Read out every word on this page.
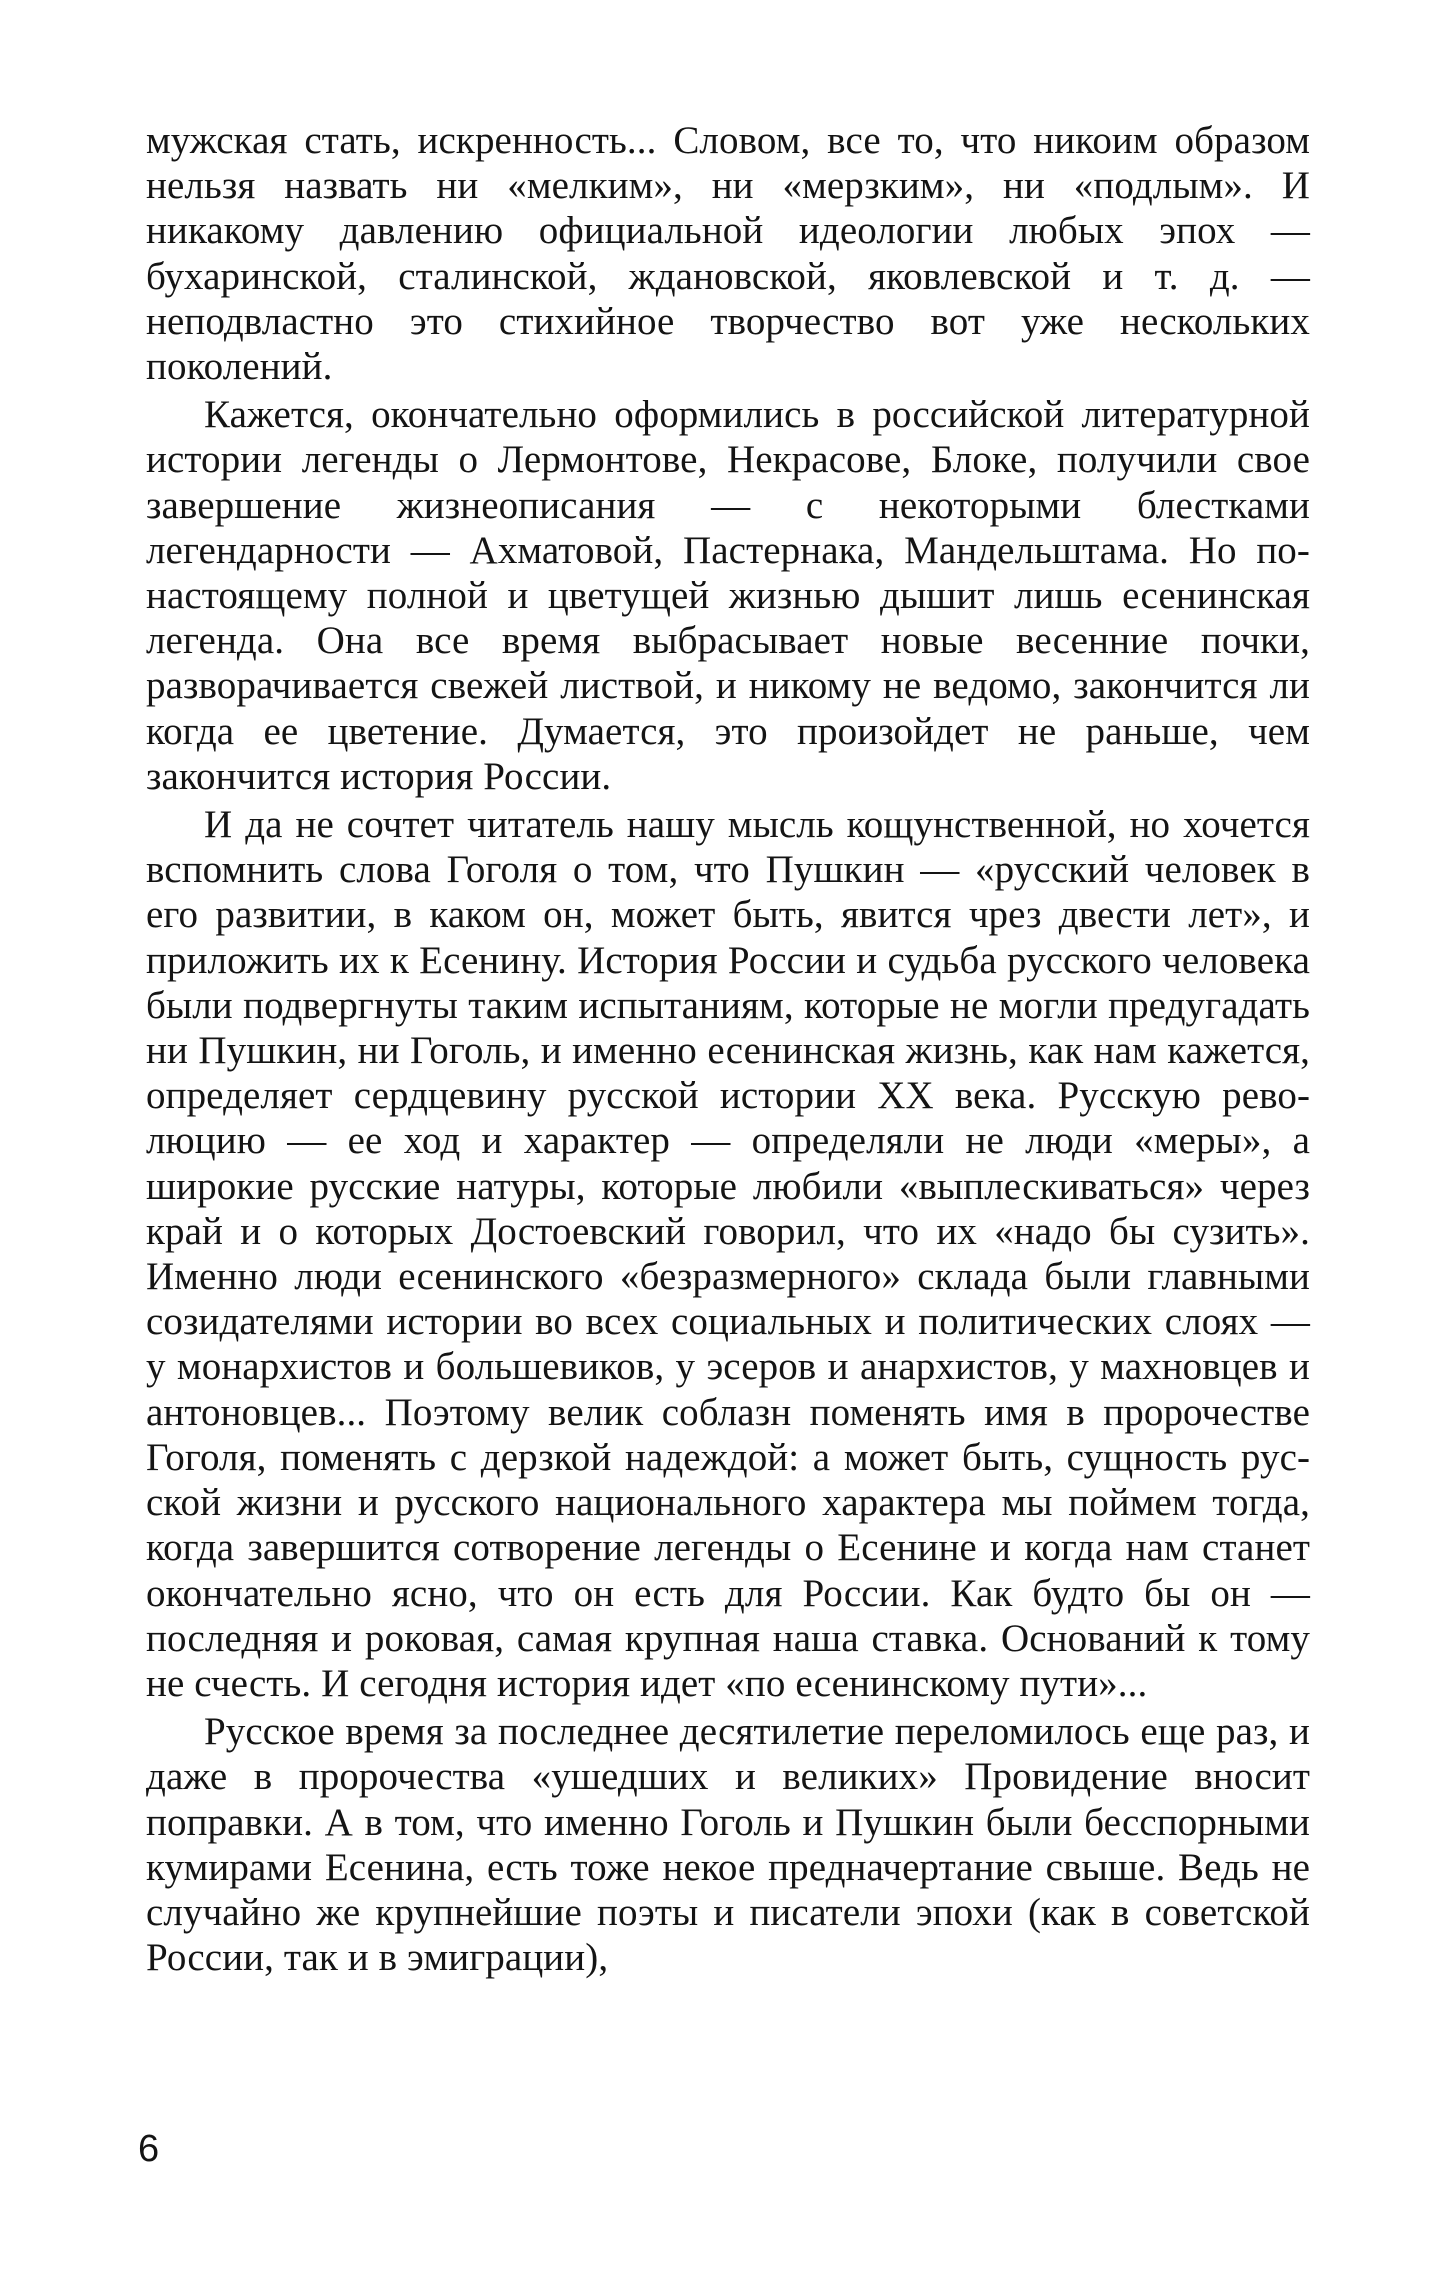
мужская стать, искренность... Словом, все то, что никоим образом нельзя назвать ни «мелким», ни «мерзким», ни «подлым». И никакому давлению официальной идеологии любых эпох — бухаринской, сталинской, ждановской, яковлевской и т. д. — неподвластно это стихийное творчество вот уже нескольких поколений.

Кажется, окончательно оформились в российской литературной истории легенды о Лермонтове, Некрасове, Блоке, получили свое завершение жизнеописания — с некоторыми блестками легендарности — Ахматовой, Пастернака, Мандельштама. Но по-настоящему полной и цветущей жизнью дышит лишь есенинская легенда. Она все время выбрасывает новые весенние почки, разворачивается свежей листвой, и никому не ведомо, закончится ли когда ее цветение. Думается, это произойдет не раньше, чем закончится история России.

И да не сочтет читатель нашу мысль кощунственной, но хочется вспомнить слова Гоголя о том, что Пушкин — «русский человек в его развитии, в каком он, может быть, явится чрез двести лет», и приложить их к Есенину. История России и судьба русского человека были подвергнуты таким испытаниям, которые не могли предугадать ни Пушкин, ни Гоголь, и именно есенинская жизнь, как нам кажется, определяет сердцевину русской истории XX века. Русскую революцию — ее ход и характер — определяли не люди «меры», а широкие русские натуры, которые любили «выплескиваться» через край и о которых Достоевский говорил, что их «надо бы сузить». Именно люди есенинского «безразмерного» склада были главными созидателями истории во всех социальных и политических слоях — у монархистов и большевиков, у эсеров и анархистов, у махновцев и антоновцев... Поэтому велик соблазн поменять имя в пророчестве Гоголя, поменять с дерзкой надеждой: а может быть, сущность русской жизни и русского национального характера мы поймем тогда, когда завершится сотворение легенды о Есенине и когда нам станет окончательно ясно, что он есть для России. Как будто бы он — последняя и роковая, самая крупная наша ставка. Оснований к тому не счесть. И сегодня история идет «по есенинскому пути»...

Русское время за последнее десятилетие переломилось еще раз, и даже в пророчества «ушедших и великих» Провидение вносит поправки. А в том, что именно Гоголь и Пушкин были бесспорными кумирами Есенина, есть тоже некое предначертание свыше. Ведь не случайно же крупнейшие поэты и писатели эпохи (как в советской России, так и в эмиграции),

6
